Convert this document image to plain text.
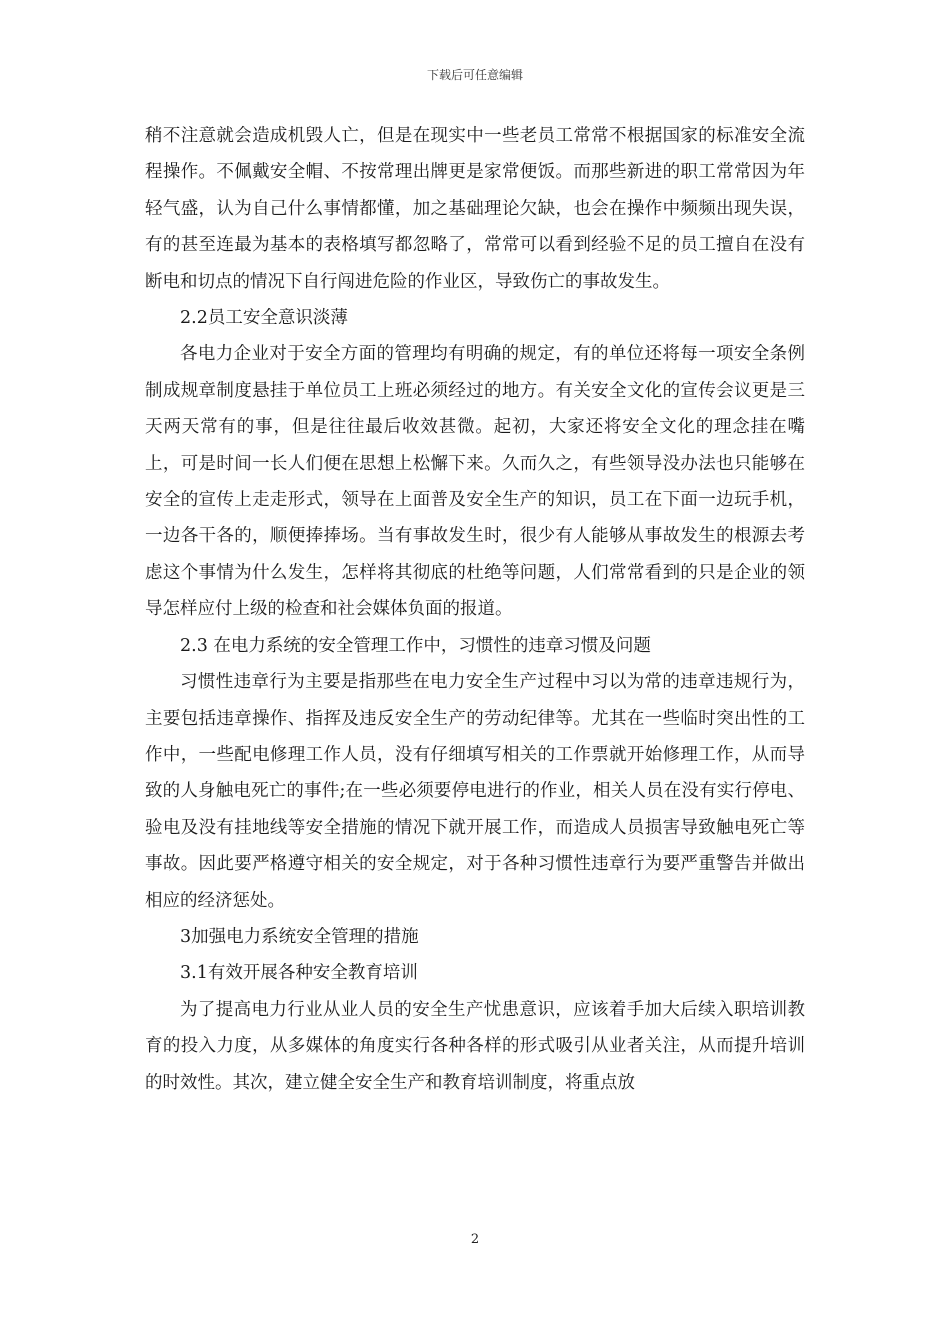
下载后可任意编辑

稍不注意就会造成机毁人亡，但是在现实中一些老员工常常不根据国家的标准安全流程操作。不佩戴安全帽、不按常理出牌更是家常便饭。而那些新进的职工常常因为年轻气盛，认为自己什么事情都懂，加之基础理论欠缺，也会在操作中频频出现失误，有的甚至连最为基本的表格填写都忽略了，常常可以看到经验不足的员工擅自在没有断电和切点的情况下自行闯进危险的作业区，导致伤亡的事故发生。

2.2员工安全意识淡薄

各电力企业对于安全方面的管理均有明确的规定，有的单位还将每一项安全条例制成规章制度悬挂于单位员工上班必须经过的地方。有关安全文化的宣传会议更是三天两天常有的事，但是往往最后收效甚微。起初，大家还将安全文化的理念挂在嘴上，可是时间一长人们便在思想上松懈下来。久而久之，有些领导没办法也只能够在安全的宣传上走走形式，领导在上面普及安全生产的知识，员工在下面一边玩手机，一边各干各的，顺便捧捧场。当有事故发生时，很少有人能够从事故发生的根源去考虑这个事情为什么发生，怎样将其彻底的杜绝等问题，人们常常看到的只是企业的领导怎样应付上级的检查和社会媒体负面的报道。

2.3 在电力系统的安全管理工作中，习惯性的违章习惯及问题

习惯性违章行为主要是指那些在电力安全生产过程中习以为常的违章违规行为，主要包括违章操作、指挥及违反安全生产的劳动纪律等。尤其在一些临时突出性的工作中，一些配电修理工作人员，没有仔细填写相关的工作票就开始修理工作，从而导致的人身触电死亡的事件;在一些必须要停电进行的作业，相关人员在没有实行停电、验电及没有挂地线等安全措施的情况下就开展工作，而造成人员损害导致触电死亡等事故。因此要严格遵守相关的安全规定，对于各种习惯性违章行为要严重警告并做出相应的经济惩处。

3加强电力系统安全管理的措施

3.1有效开展各种安全教育培训

为了提高电力行业从业人员的安全生产忧患意识，应该着手加大后续入职培训教育的投入力度，从多媒体的角度实行各种各样的形式吸引从业者关注，从而提升培训的时效性。其次，建立健全安全生产和教育培训制度，将重点放

2
